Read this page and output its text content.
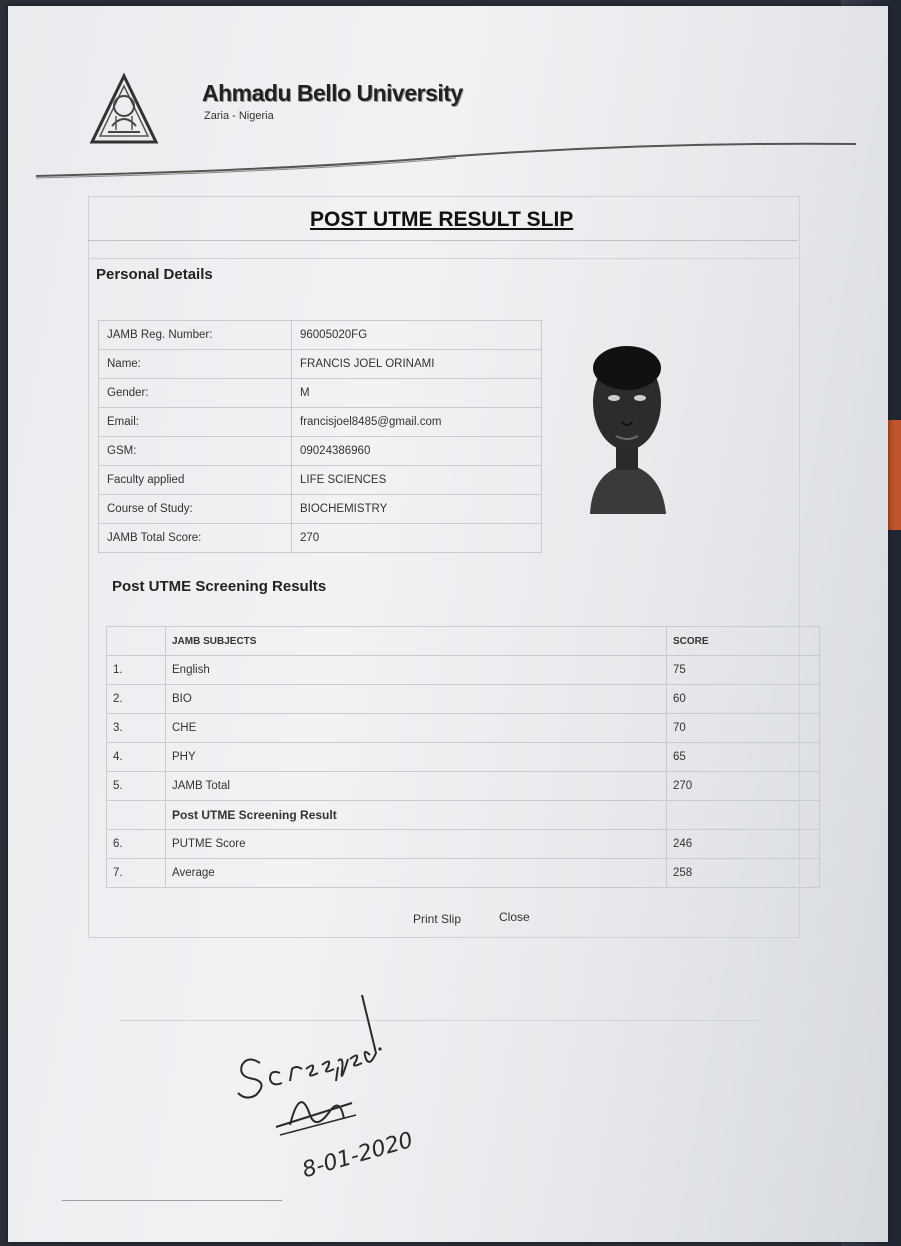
Ahmadu Bello University
Zaria - Nigeria
POST UTME RESULT SLIP
Personal Details
JAMB Reg. Number:	96005020FG
Name:	FRANCIS JOEL ORINAMI
Gender:	M
Email:	francisjoel8485@gmail.com
GSM:	09024386960
Faculty applied	LIFE SCIENCES
Course of Study:	BIOCHEMISTRY
JAMB Total Score:	270
Post UTME Screening Results
	JAMB SUBJECTS	SCORE
1.	English	75
2.	BIO	60
3.	CHE	70
4.	PHY	65
5.	JAMB Total	270
	Post UTME Screening Result	
6.	PUTME Score	246
7.	Average	258
Print Slip	Close
8-01-2020
